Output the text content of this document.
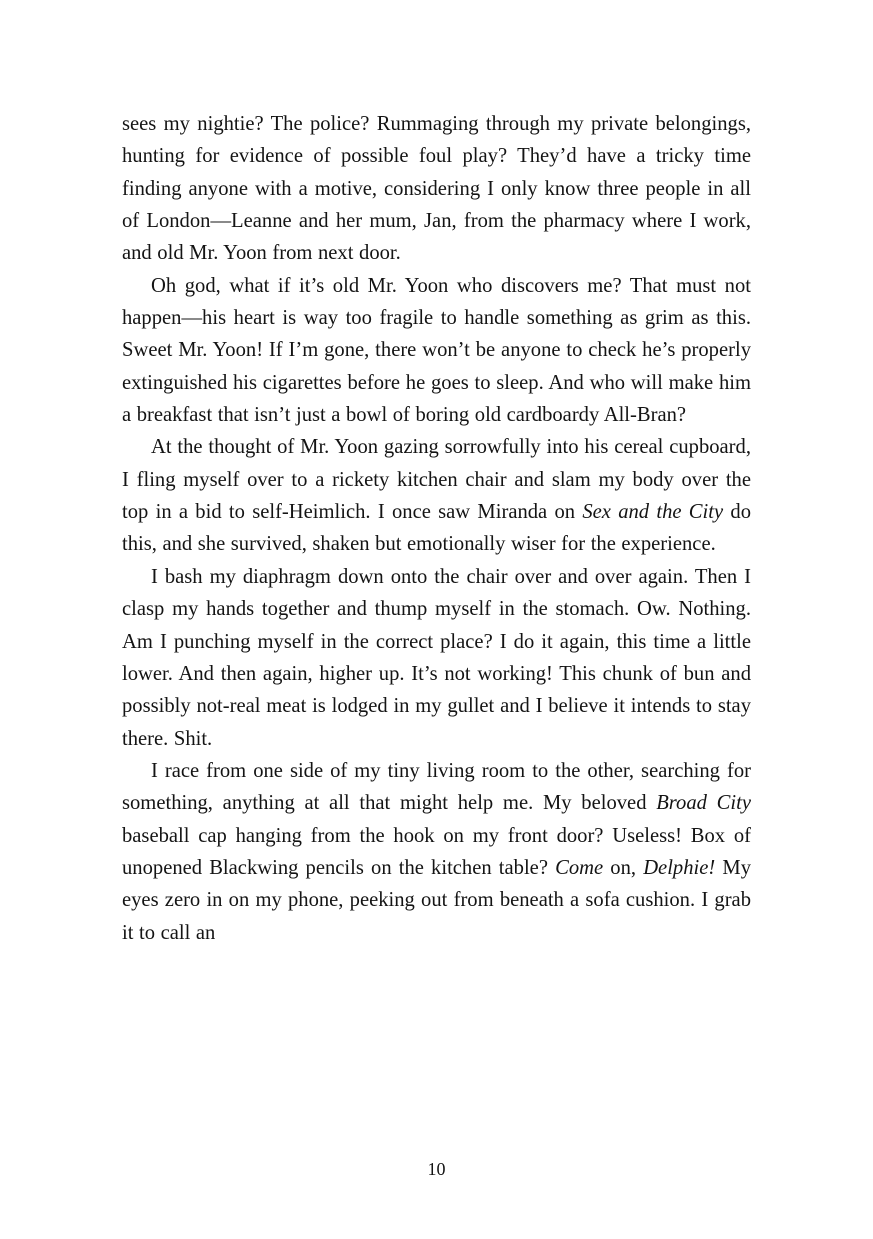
sees my nightie? The police? Rummaging through my private belongings, hunting for evidence of possible foul play? They’d have a tricky time finding anyone with a motive, considering I only know three people in all of London—Leanne and her mum, Jan, from the pharmacy where I work, and old Mr. Yoon from next door.

Oh god, what if it’s old Mr. Yoon who discovers me? That must not happen—his heart is way too fragile to handle something as grim as this. Sweet Mr. Yoon! If I’m gone, there won’t be anyone to check he’s properly extinguished his cigarettes before he goes to sleep. And who will make him a breakfast that isn’t just a bowl of boring old cardboardy All-Bran?

At the thought of Mr. Yoon gazing sorrowfully into his cereal cupboard, I fling myself over to a rickety kitchen chair and slam my body over the top in a bid to self-Heimlich. I once saw Miranda on Sex and the City do this, and she survived, shaken but emotionally wiser for the experience.

I bash my diaphragm down onto the chair over and over again. Then I clasp my hands together and thump myself in the stomach. Ow. Nothing. Am I punching myself in the correct place? I do it again, this time a little lower. And then again, higher up. It’s not working! This chunk of bun and possibly not-real meat is lodged in my gullet and I believe it intends to stay there. Shit.

I race from one side of my tiny living room to the other, searching for something, anything at all that might help me. My beloved Broad City baseball cap hanging from the hook on my front door? Useless! Box of unopened Blackwing pencils on the kitchen table? Come on, Delphie! My eyes zero in on my phone, peeking out from beneath a sofa cushion. I grab it to call an

10
